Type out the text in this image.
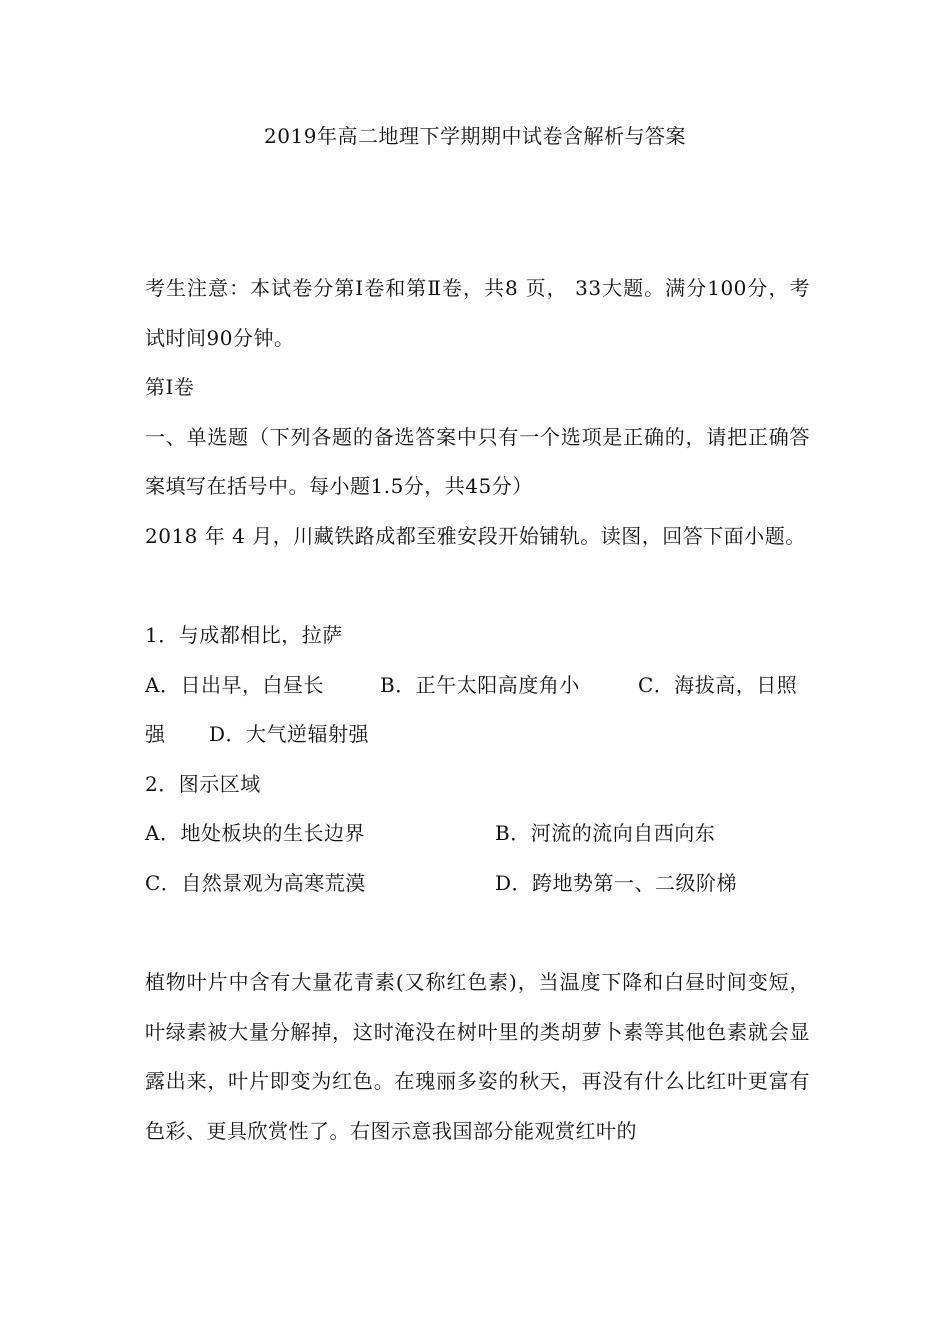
2019年高二地理下学期期中试卷含解析与答案

考生注意：本试卷分第Ⅰ卷和第Ⅱ卷，共8 页， 33大题。满分100分，考试时间90分钟。

第Ⅰ卷

一、单选题（下列各题的备选答案中只有一个选项是正确的，请把正确答案填写在括号中。每小题1.5分，共45分）

2018 年 4 月，川藏铁路成都至雅安段开始铺轨。读图，回答下面小题。

1．与成都相比，拉萨

A．日出早，白昼长	B．正午太阳高度角小	C．海拔高，日照
强	D．大气逆辐射强

2．图示区域

A．地处板块的生长边界	B．河流的流向自西向东
C．自然景观为高寒荒漠	D．跨地势第一、二级阶梯

植物叶片中含有大量花青素(又称红色素)，当温度下降和白昼时间变短，叶绿素被大量分解掉，这时淹没在树叶里的类胡萝卜素等其他色素就会显露出来，叶片即变为红色。在瑰丽多姿的秋天，再没有什么比红叶更富有色彩、更具欣赏性了。右图示意我国部分能观赏红叶的
